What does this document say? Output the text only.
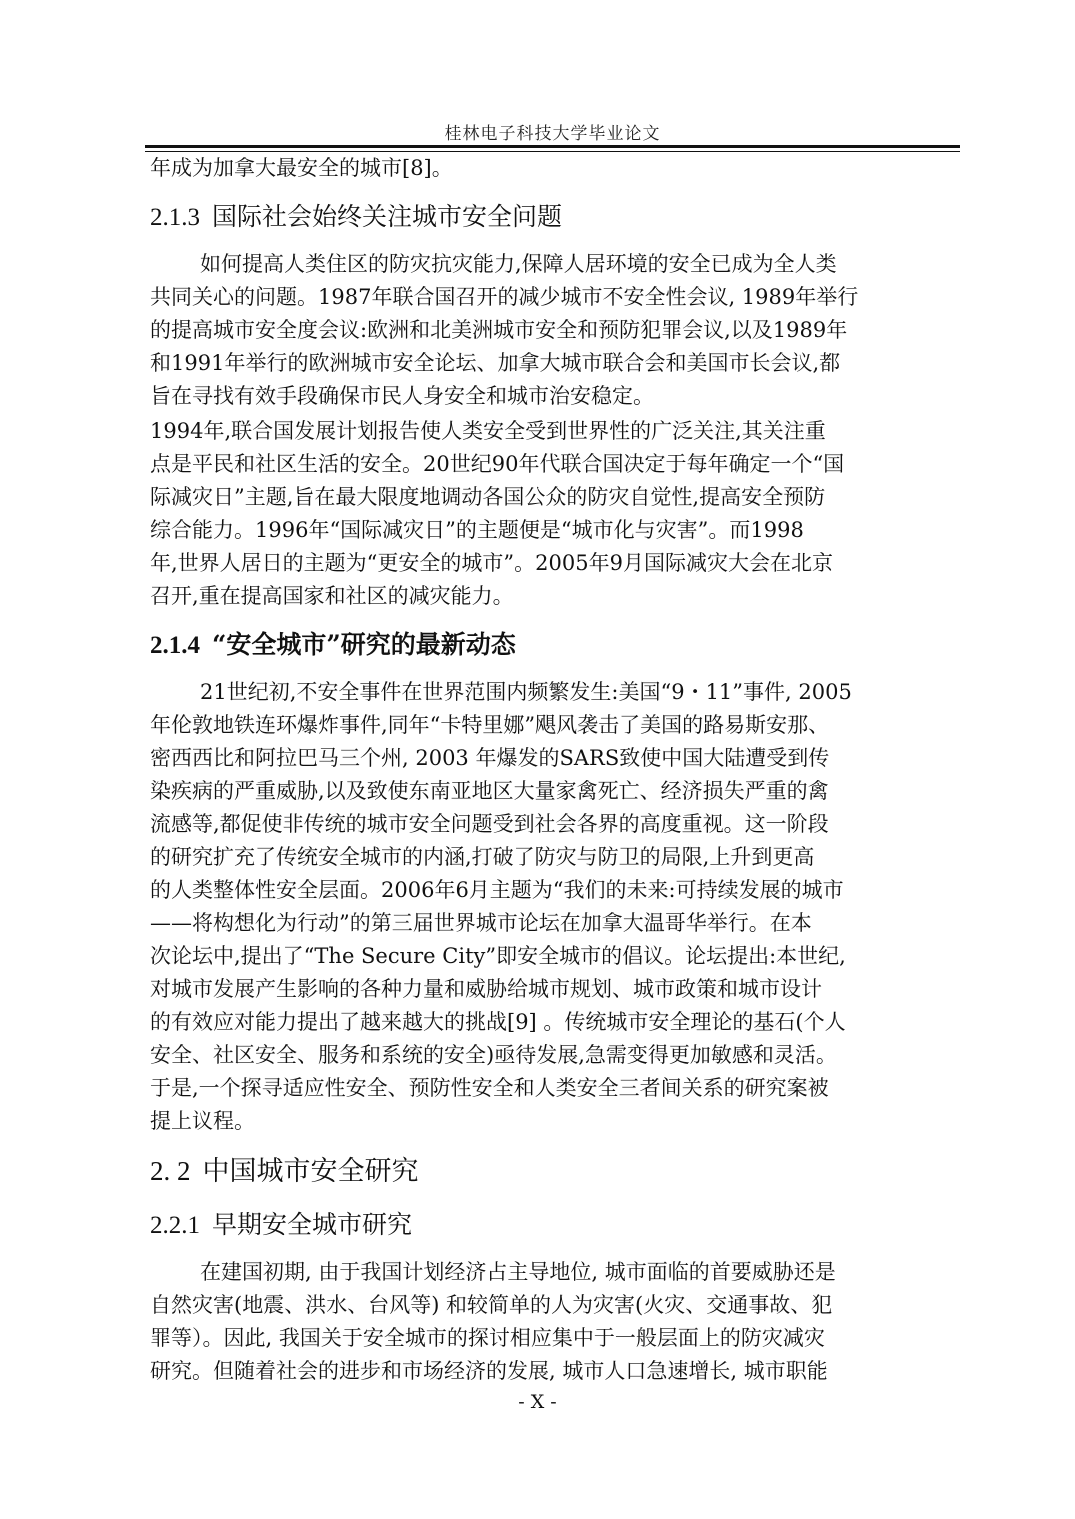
桂林电子科技大学毕业论文
年成为加拿大最安全的城市[8]。
2.1.3 国际社会始终关注城市安全问题
如何提高人类住区的防灾抗灾能力,保障人居环境的安全已成为全人类
共同关心的问题。1987年联合国召开的减少城市不安全性会议, 1989年举行
的提高城市安全度会议:欧洲和北美洲城市安全和预防犯罪会议,以及1989年
和1991年举行的欧洲城市安全论坛、加拿大城市联合会和美国市长会议,都
旨在寻找有效手段确保市民人身安全和城市治安稳定。
1994年,联合国发展计划报告使人类安全受到世界性的广泛关注,其关注重
点是平民和社区生活的安全。20世纪90年代联合国决定于每年确定一个“国
际减灾日”主题,旨在最大限度地调动各国公众的防灾自觉性,提高安全预防
综合能力。1996年“国际减灾日”的主题便是“城市化与灾害”。而1998
年,世界人居日的主题为“更安全的城市”。2005年9月国际减灾大会在北京
召开,重在提高国家和社区的减灾能力。
2.1.4 “安全城市”研究的最新动态
21世纪初,不安全事件在世界范围内频繁发生:美国“9・11”事件, 2005
年伦敦地铁连环爆炸事件,同年“卡特里娜”飓风袭击了美国的路易斯安那、
密西西比和阿拉巴马三个州, 2003 年爆发的SARS致使中国大陆遭受到传
染疾病的严重威胁,以及致使东南亚地区大量家禽死亡、经济损失严重的禽
流感等,都促使非传统的城市安全问题受到社会各界的高度重视。这一阶段
的研究扩充了传统安全城市的内涵,打破了防灾与防卫的局限,上升到更高
的人类整体性安全层面。2006年6月主题为“我们的未来:可持续发展的城市
——将构想化为行动”的第三届世界城市论坛在加拿大温哥华举行。在本
次论坛中,提出了“The Secure City”即安全城市的倡议。论坛提出:本世纪,
对城市发展产生影响的各种力量和威胁给城市规划、城市政策和城市设计
的有效应对能力提出了越来越大的挑战[9] 。传统城市安全理论的基石(个人
安全、社区安全、服务和系统的安全)亟待发展,急需变得更加敏感和灵活。
于是,一个探寻适应性安全、预防性安全和人类安全三者间关系的研究案被
提上议程。
2. 2 中国城市安全研究
2.2.1 早期安全城市研究
在建国初期, 由于我国计划经济占主导地位, 城市面临的首要威胁还是
自然灾害(地震、洪水、台风等) 和较简单的人为灾害(火灾、交通事故、犯
罪等）。因此, 我国关于安全城市的探讨相应集中于一般层面上的防灾减灾
研究。但随着社会的进步和市场经济的发展, 城市人口急速增长, 城市职能
- X -
